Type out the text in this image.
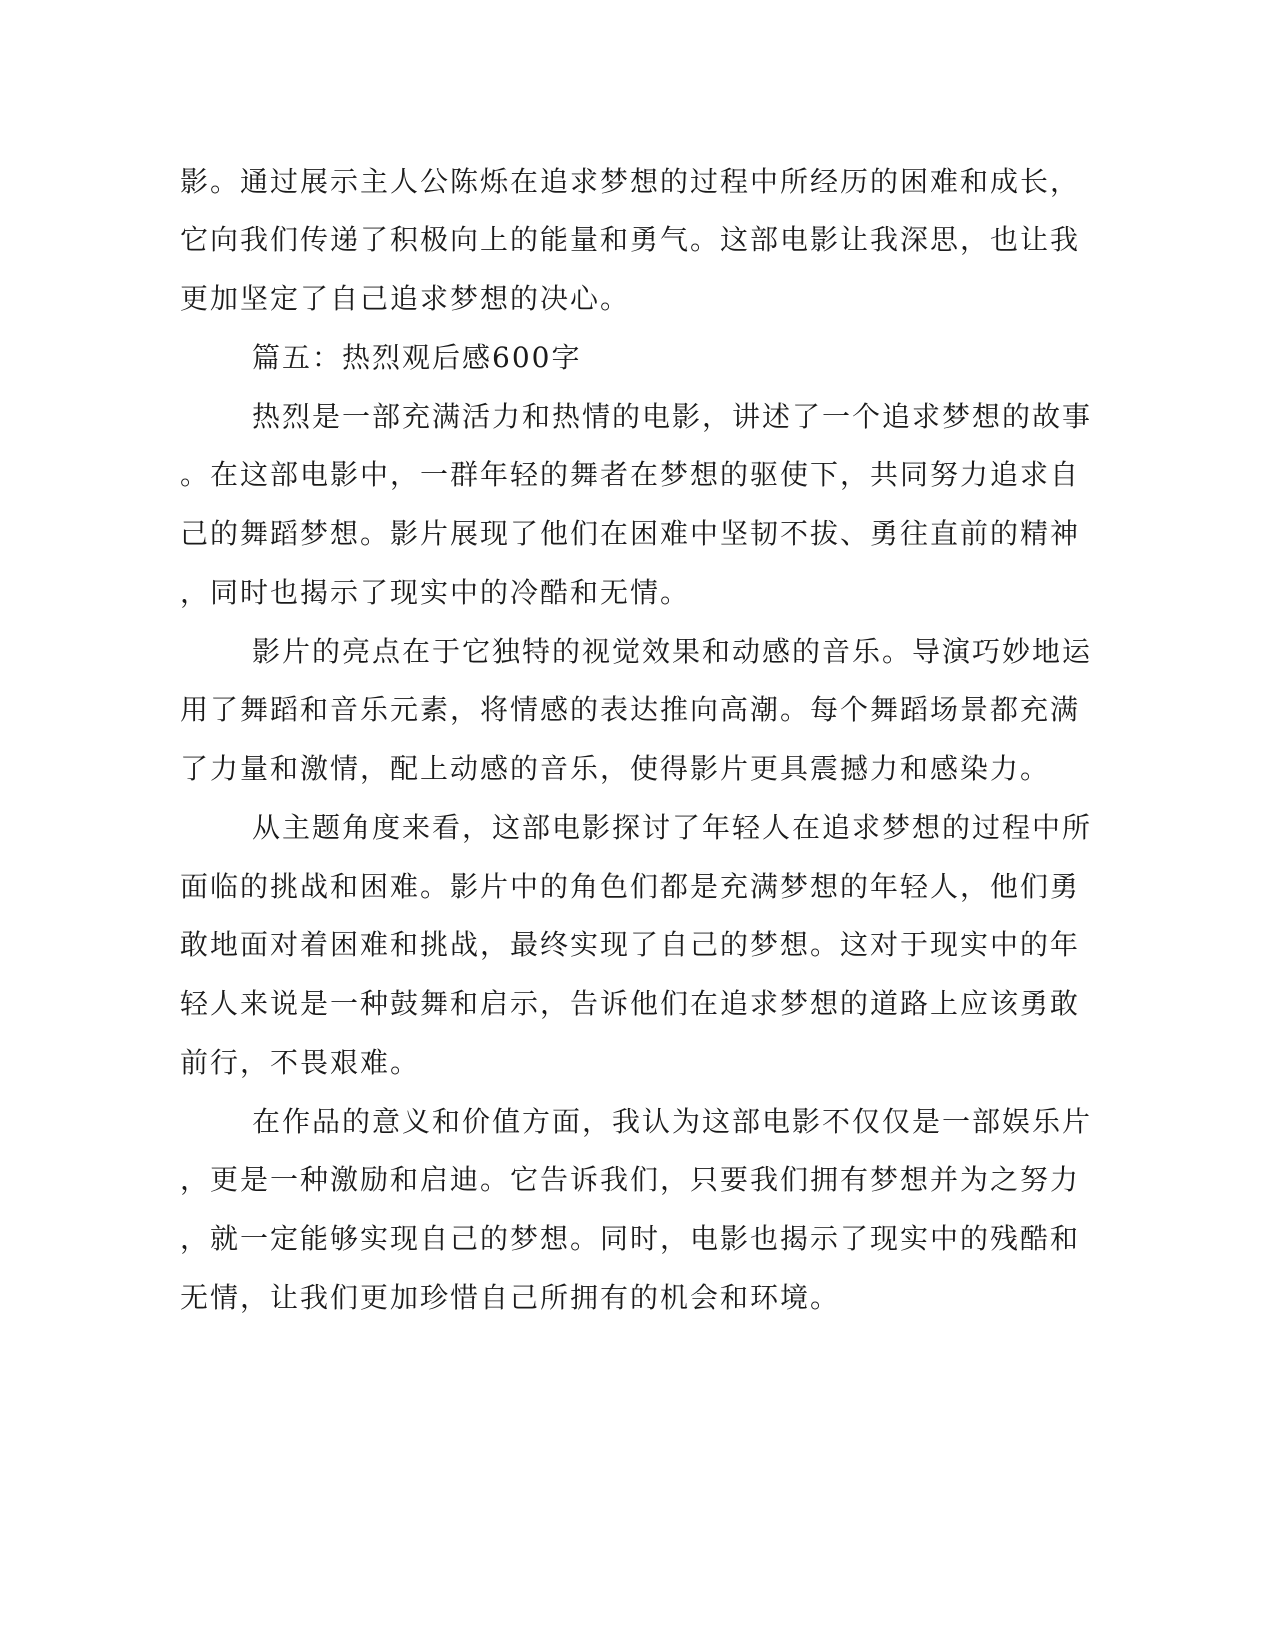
影。通过展示主人公陈烁在追求梦想的过程中所经历的困难和成长，
它向我们传递了积极向上的能量和勇气。这部电影让我深思，也让我
更加坚定了自己追求梦想的决心。
篇五：热烈观后感600字
热烈是一部充满活力和热情的电影，讲述了一个追求梦想的故事
。在这部电影中，一群年轻的舞者在梦想的驱使下，共同努力追求自
己的舞蹈梦想。影片展现了他们在困难中坚韧不拔、勇往直前的精神
，同时也揭示了现实中的冷酷和无情。
影片的亮点在于它独特的视觉效果和动感的音乐。导演巧妙地运
用了舞蹈和音乐元素，将情感的表达推向高潮。每个舞蹈场景都充满
了力量和激情，配上动感的音乐，使得影片更具震撼力和感染力。
从主题角度来看，这部电影探讨了年轻人在追求梦想的过程中所
面临的挑战和困难。影片中的角色们都是充满梦想的年轻人，他们勇
敢地面对着困难和挑战，最终实现了自己的梦想。这对于现实中的年
轻人来说是一种鼓舞和启示，告诉他们在追求梦想的道路上应该勇敢
前行，不畏艰难。
在作品的意义和价值方面，我认为这部电影不仅仅是一部娱乐片
，更是一种激励和启迪。它告诉我们，只要我们拥有梦想并为之努力
，就一定能够实现自己的梦想。同时，电影也揭示了现实中的残酷和
无情，让我们更加珍惜自己所拥有的机会和环境。
